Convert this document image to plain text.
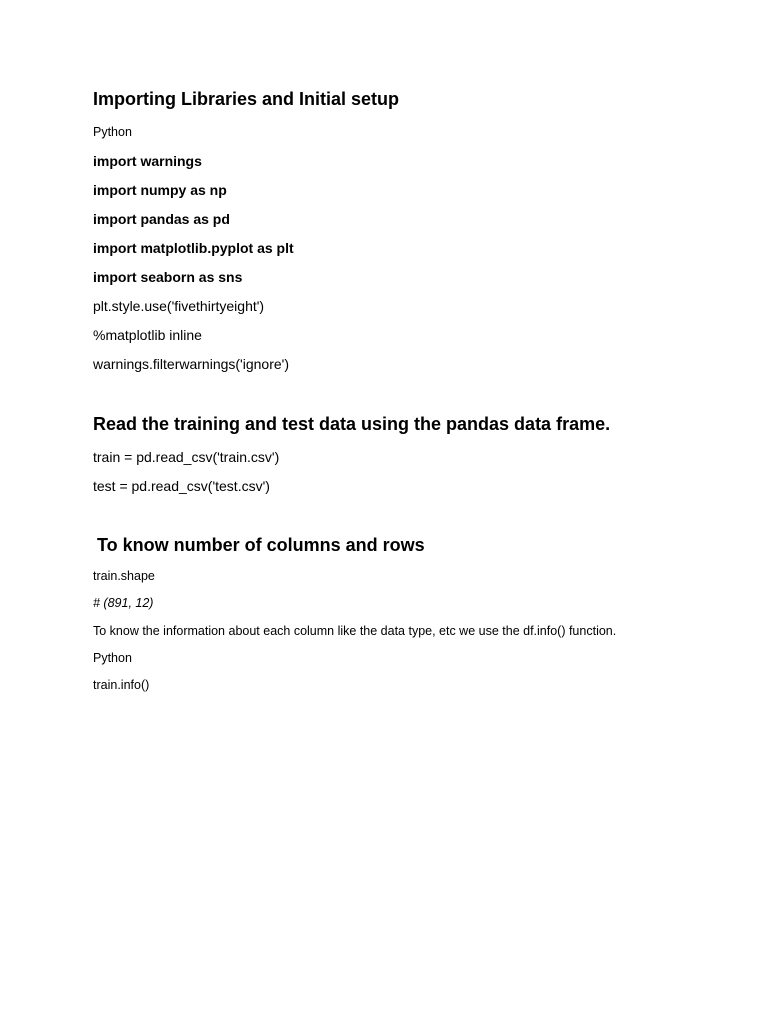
Importing Libraries and Initial setup
Python
import warnings
import numpy as np
import pandas as pd
import matplotlib.pyplot as plt
import seaborn as sns
plt.style.use('fivethirtyeight')
%matplotlib inline
warnings.filterwarnings('ignore')
Read the training and test data using the pandas data frame.
train = pd.read_csv('train.csv')
test = pd.read_csv('test.csv')
To know number of columns and rows
train.shape
# (891, 12)
To know the information about each column like the data type, etc we use the df.info() function.
Python
train.info()
